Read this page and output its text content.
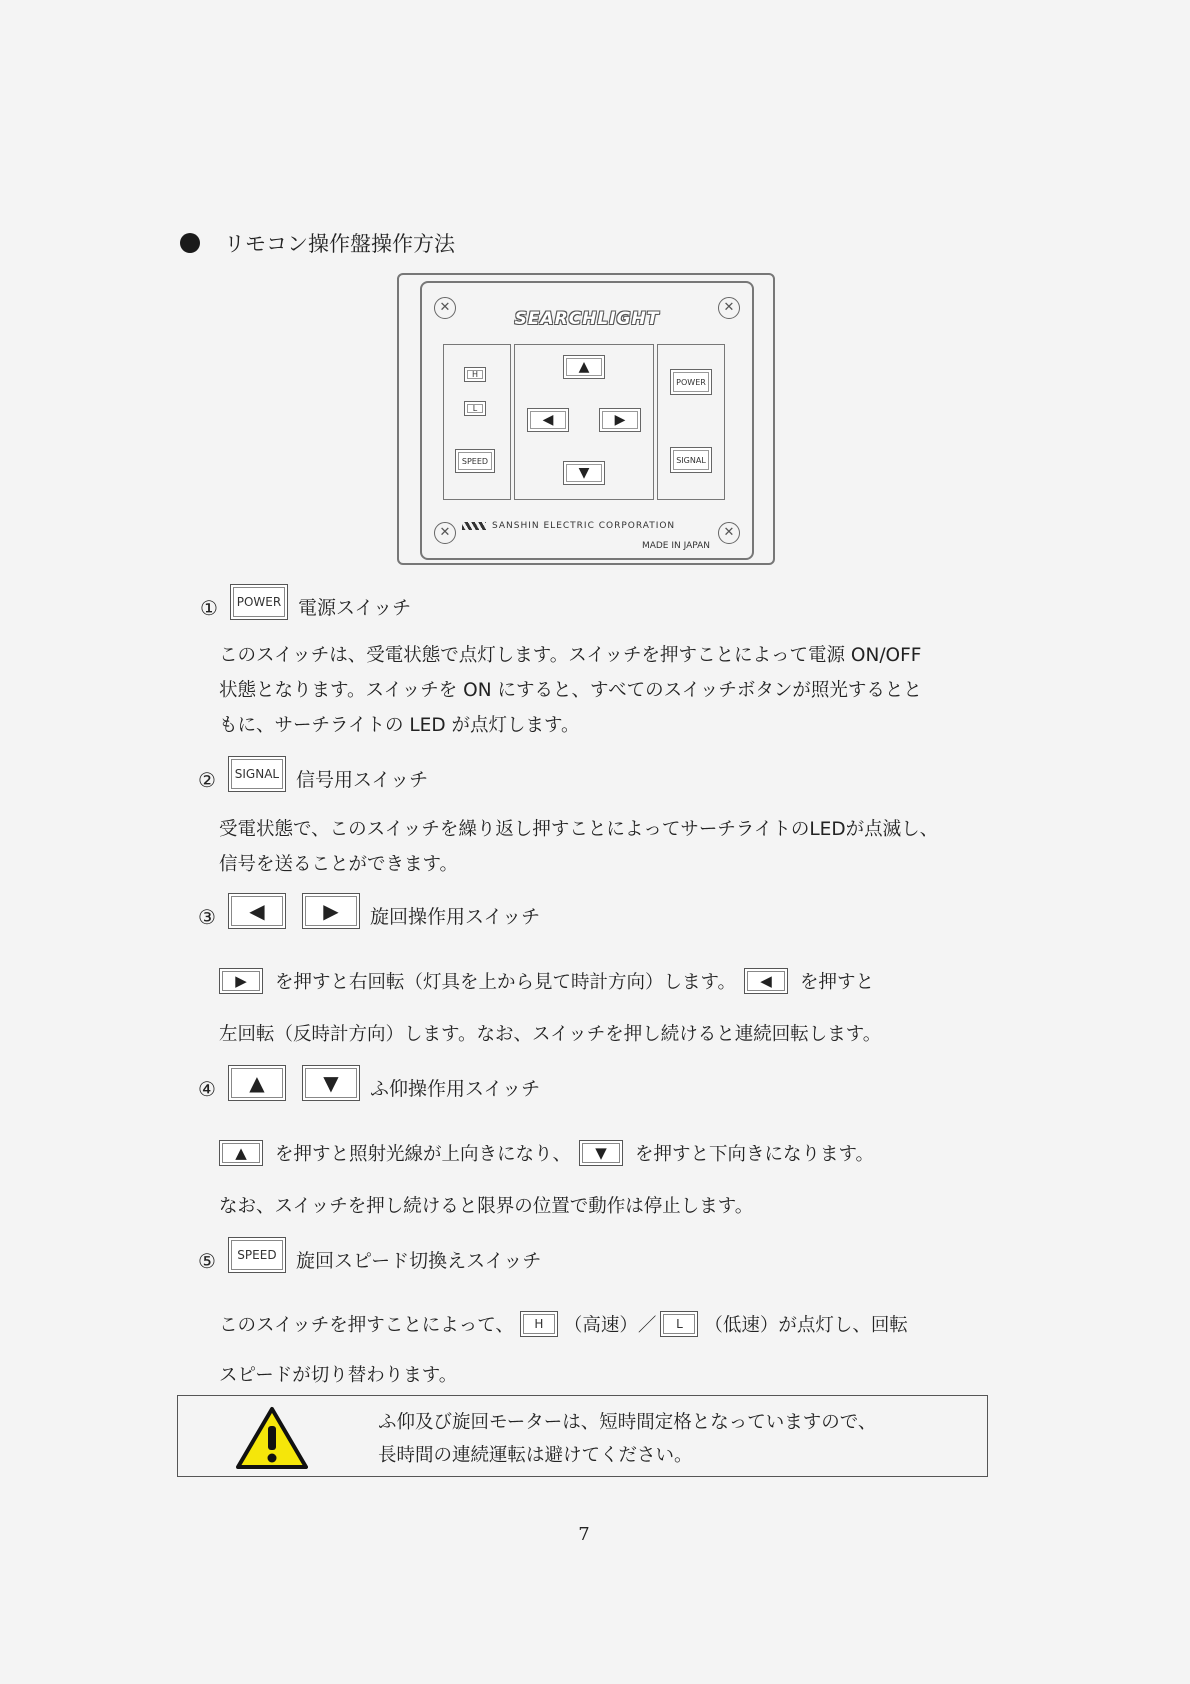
リモコン操作盤操作方法
✕	✕
✕	✕
SEARCHLIGHT
H
L
SPEED
▲
◀	▶
▼
POWER
SIGNAL
SANSHIN ELECTRIC CORPORATION
MADE IN JAPAN
①	POWER 電源スイッチ
このスイッチは、受電状態で点灯します。スイッチを押すことによって電源 ON/OFF
状態となります。スイッチを ON にすると、すべてのスイッチボタンが照光するとと
もに、サーチライトの LED が点灯します。
②	SIGNAL 信号用スイッチ
受電状態で、このスイッチを繰り返し押すことによってサーチライトのLEDが点滅し、
信号を送ることができます。
③	◀	▶	旋回操作用スイッチ
▶	を押すと右回転（灯具を上から見て時計方向）します。	◀	を押すと
左回転（反時計方向）します。なお、スイッチを押し続けると連続回転します。
④	▲	▼	ふ仰操作用スイッチ
▲	を押すと照射光線が上向きになり、	▼	を押すと下向きになります。
なお、スイッチを押し続けると限界の位置で動作は停止します。
⑤	SPEED	旋回スピード切換えスイッチ
このスイッチを押すことによって、	H	（高速）／	L	（低速）が点灯し、回転
スピードが切り替わります。
ふ仰及び旋回モーターは、短時間定格となっていますので、
長時間の連続運転は避けてください。
7
